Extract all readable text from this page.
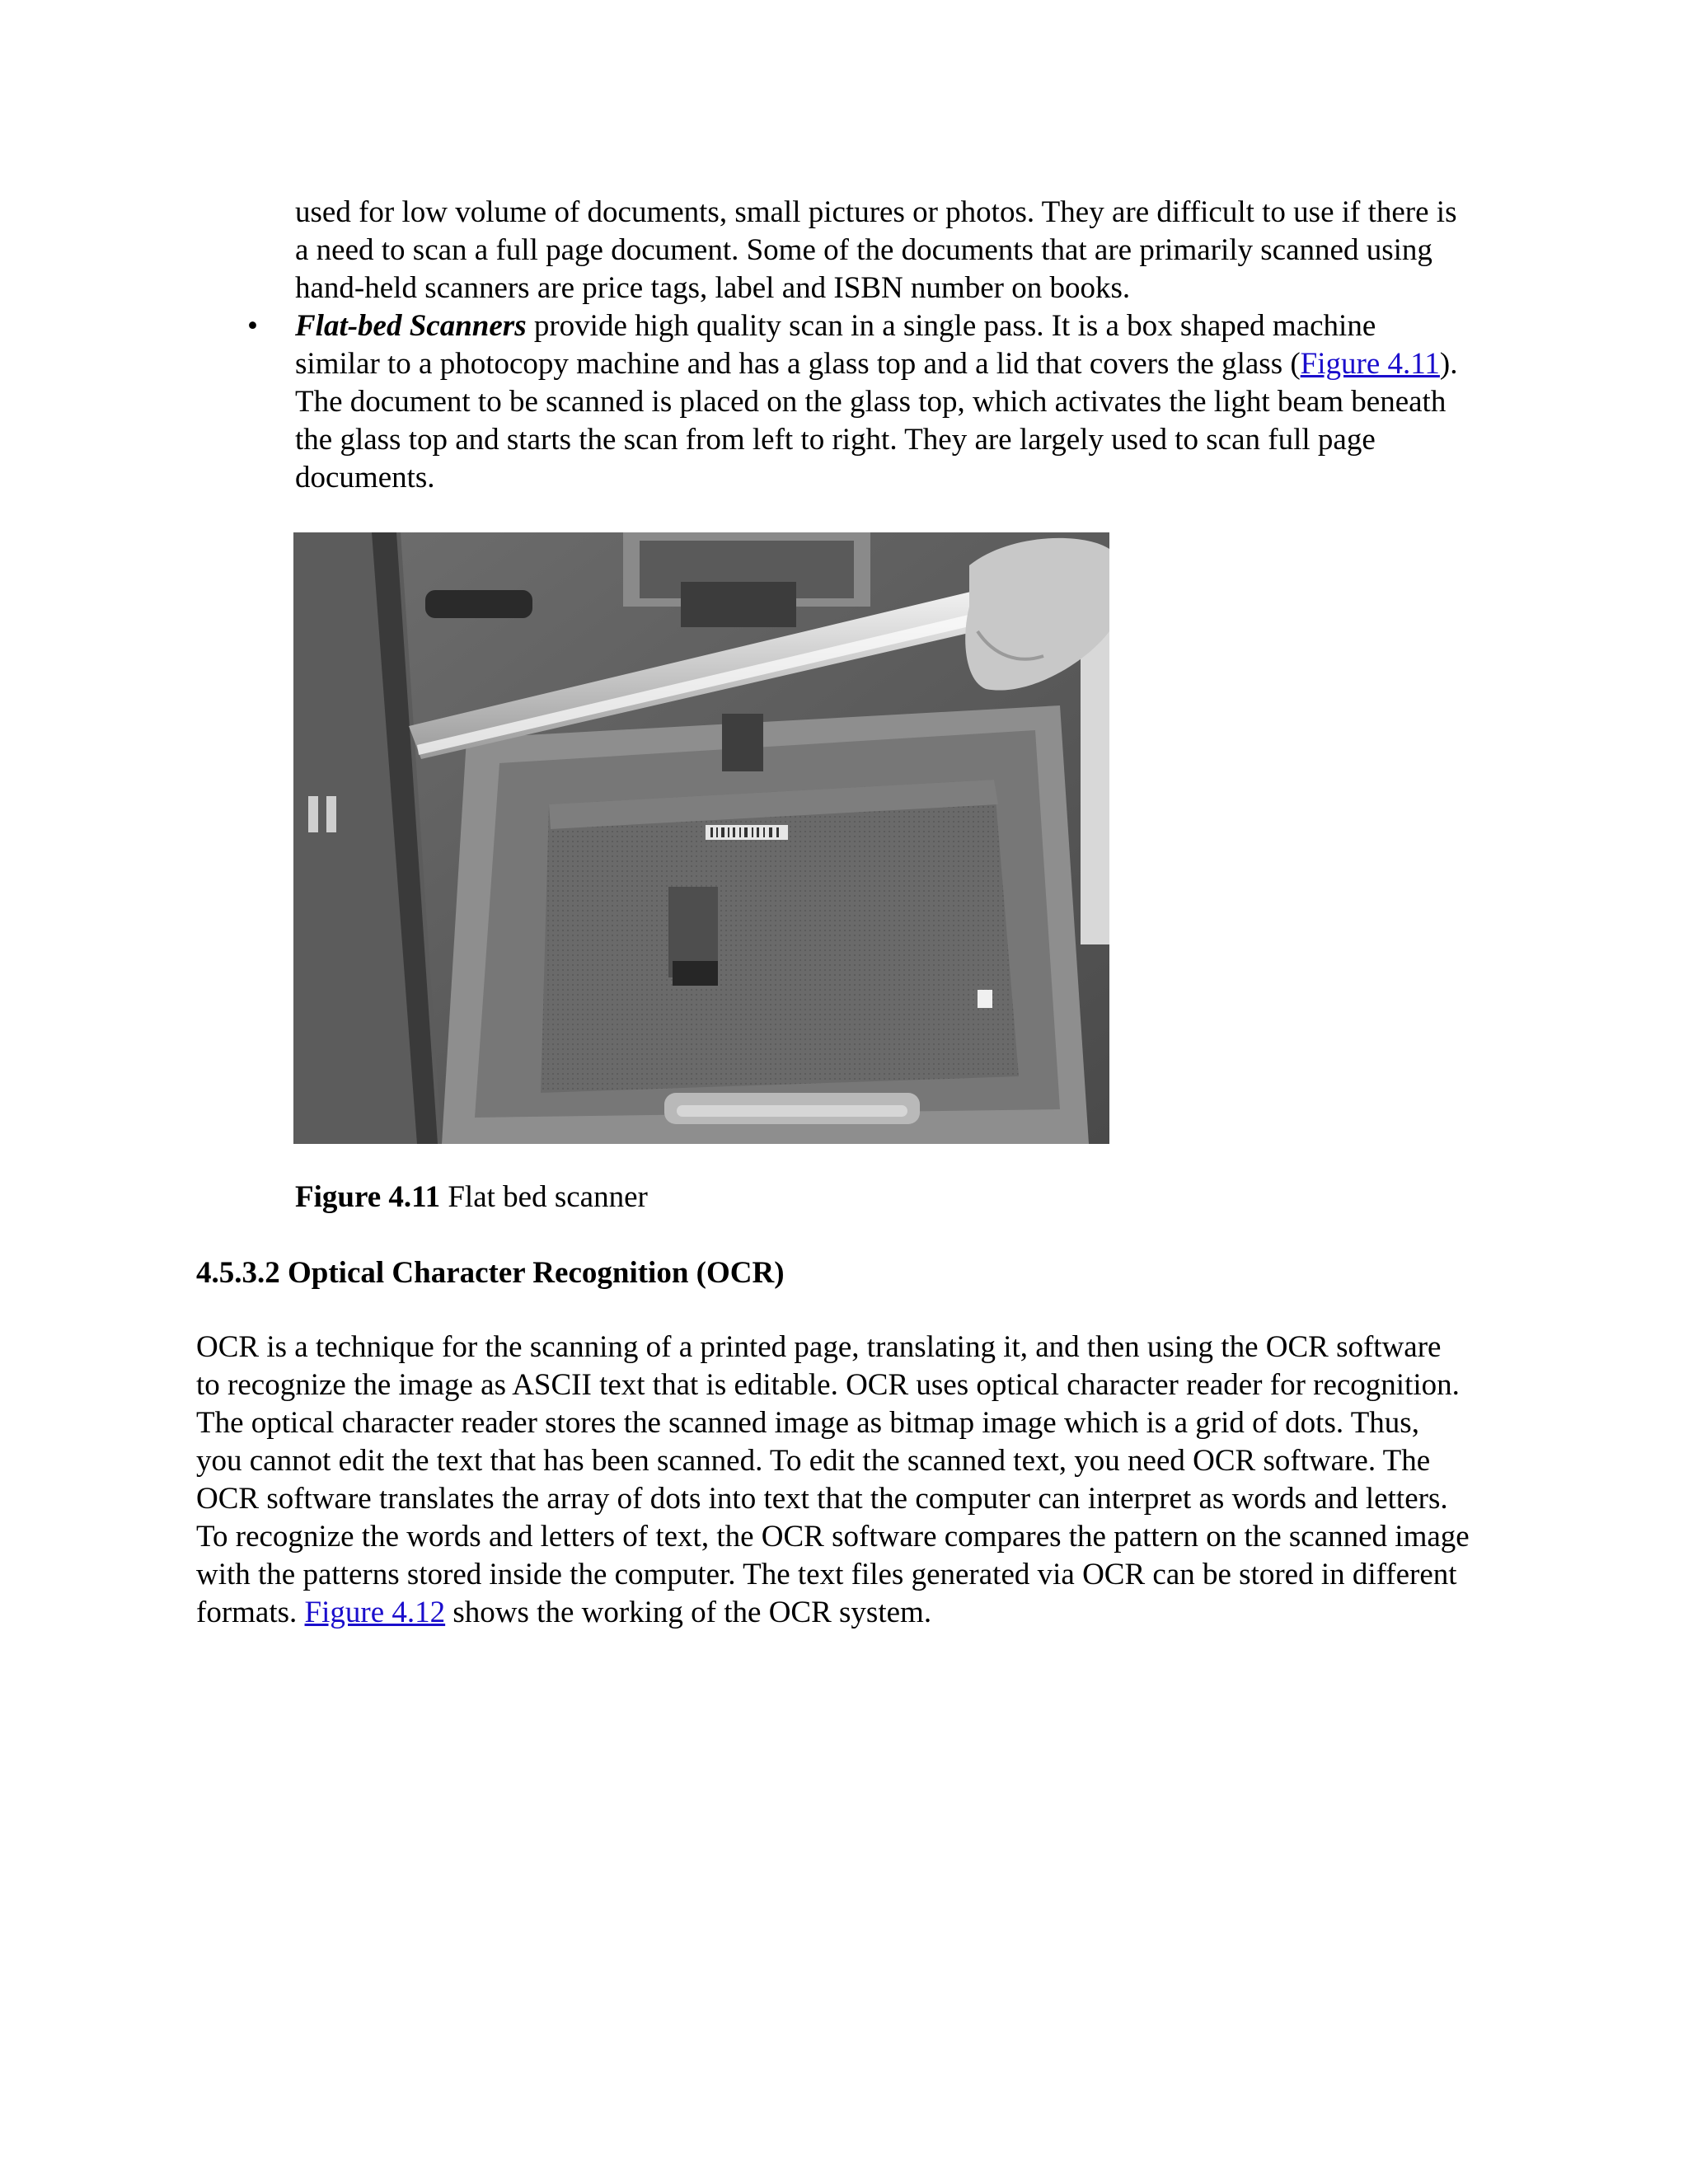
used for low volume of documents, small pictures or photos. They are difficult to use if there is a need to scan a full page document. Some of the documents that are primarily scanned using hand-held scanners are price tags, label and ISBN number on books.
• Flat-bed Scanners provide high quality scan in a single pass. It is a box shaped machine similar to a photocopy machine and has a glass top and a lid that covers the glass (Figure 4.11). The document to be scanned is placed on the glass top, which activates the light beam beneath the glass top and starts the scan from left to right. They are largely used to scan full page documents.
Figure 4.11 Flat bed scanner
4.5.3.2 Optical Character Recognition (OCR)
OCR is a technique for the scanning of a printed page, translating it, and then using the OCR software to recognize the image as ASCII text that is editable. OCR uses optical character reader for recognition. The optical character reader stores the scanned image as bitmap image which is a grid of dots. Thus, you cannot edit the text that has been scanned. To edit the scanned text, you need OCR software. The OCR software translates the array of dots into text that the computer can interpret as words and letters. To recognize the words and letters of text, the OCR software compares the pattern on the scanned image with the patterns stored inside the computer. The text files generated via OCR can be stored in different formats. Figure 4.12 shows the working of the OCR system.
